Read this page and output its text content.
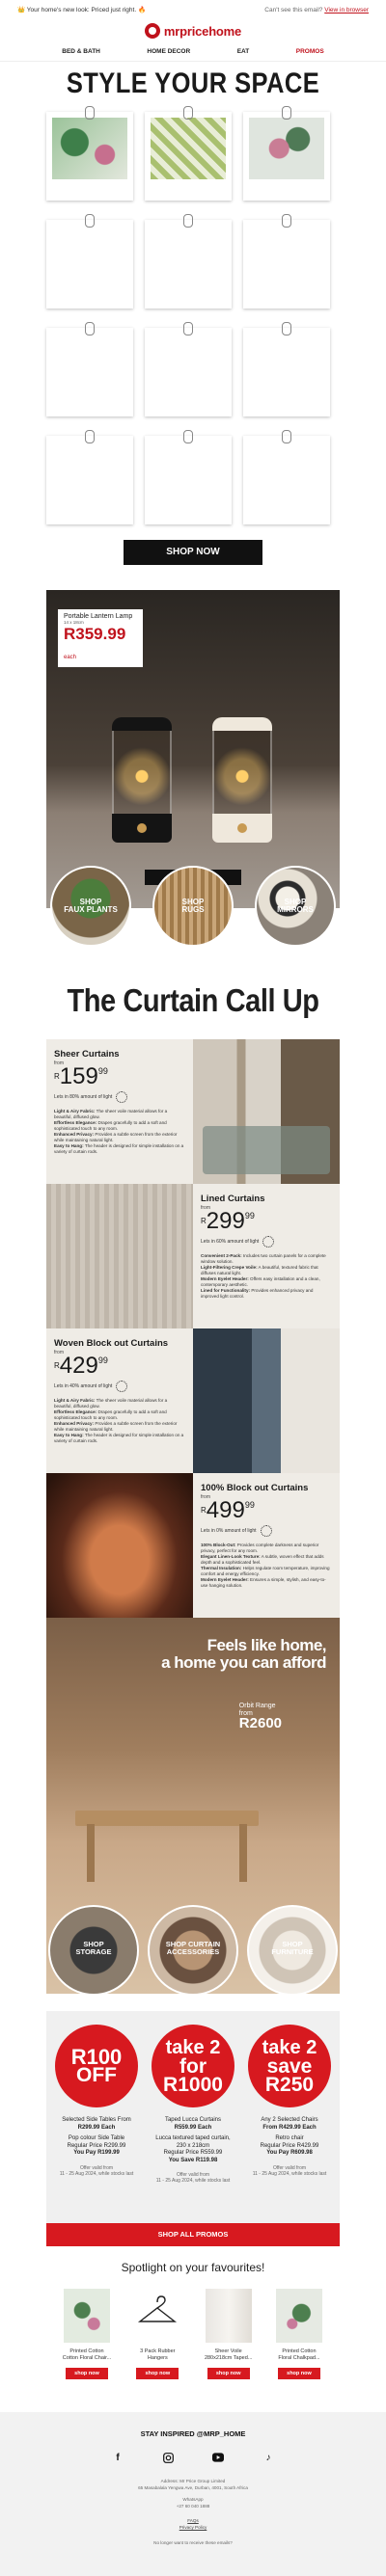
👑 Your home's new look: Priced just right. 🔥	Can't see this email? View in browser
mrpricehome
BED & BATH	HOME DECOR	EAT	PROMOS
STYLE YOUR SPACE
SHOP NOW
Portable Lantern Lamp
14 x 18cm
R359.99 each
SHOP
FAUX PLANTS
SHOP
RUGS
SHOP
MIRRORS
The Curtain Call Up
Sheer Curtains
from
$^R159^{99}$
Lets in 80% amount of light
Light & Airy Fabric: The sheer voile material allows for a beautiful, diffused glow.
Effortless Elegance: Drapes gracefully to add a soft and sophisticated touch to any room.
Enhanced Privacy: Provides a subtle screen from the exterior while maintaining natural light.
Easy to Hang: The header is designed for simple installation on a variety of curtain rods.
Lined Curtains
from
$^R299^{99}$
Lets in 60% amount of light
Convenient 2-Pack: Includes two curtain panels for a complete window solution.
Light-Filtering Crepe Voile: A beautiful, textured fabric that diffuses natural light.
Modern Eyelet Header: Offers easy installation and a clean, contemporary aesthetic.
Lined for Functionality: Provides enhanced privacy and improved light control.
Woven Block out Curtains
from
$^R429^{99}$
Lets in 40% amount of light
Light & Airy Fabric: The sheer voile material allows for a beautiful, diffused glow.
Effortless Elegance: Drapes gracefully to add a soft and sophisticated touch to any room.
Enhanced Privacy: Provides a subtle screen from the exterior while maintaining natural light.
Easy to Hang: The header is designed for simple installation on a variety of curtain rods.
100% Block out Curtains
from
$^R499^{99}$
Lets in 0% amount of light
100% Block-Out: Provides complete darkness and superior privacy, perfect for any room.
Elegant Linen-Look Texture: A subtle, woven effect that adds depth and a sophisticated feel.
Thermal Insulation: Helps regulate room temperature, improving comfort and energy efficiency.
Modern Eyelet Header: Ensures a simple, stylish, and easy-to-use hanging solution.
Feels like home,
a home you can afford
Orbit Range
from
R2600
SHOP
STORAGE
SHOP CURTAIN
ACCESSORIES
SHOP
FURNITURE
R100
OFF
Selected Side Tables From
R299.99 Each
Pop colour Side Table
Regular Price R299.99
You Pay R199.99
Offer valid from
11 - 25 Aug 2024, while stocks last
take 2
for R1000
Taped Lucca Curtains
R559.99 Each
Lucca textured taped curtain,
230 x 218cm
Regular Price R559.99
You Save R119.98
Offer valid from
11 - 25 Aug 2024, while stocks last
take 2
save R250
Any 2 Selected Chairs
From R429.99 Each
Retro chair
Regular Price R429.99
You Pay R609.98
Offer valid from
11 - 25 Aug 2024, while stocks last
SHOP ALL PROMOS
Spotlight on your favourites!
Printed Cotton
Cotton Floral Chair...
shop now
3 Pack Rubber
Hangers
shop now
Sheer Voile
280x218cm Taped...
shop now
Printed Cotton
Floral Chalkpad...
shop now
STAY INSPIRED @MRP_HOME
f	♪
Address: Mr Price Group Limited
65 Masabalala Yengwa Ave, Durban, 4001, South Africa
WhatsApp
+27 60 040 1888
FAQs
Privacy Policy
No longer want to receive these emails?
